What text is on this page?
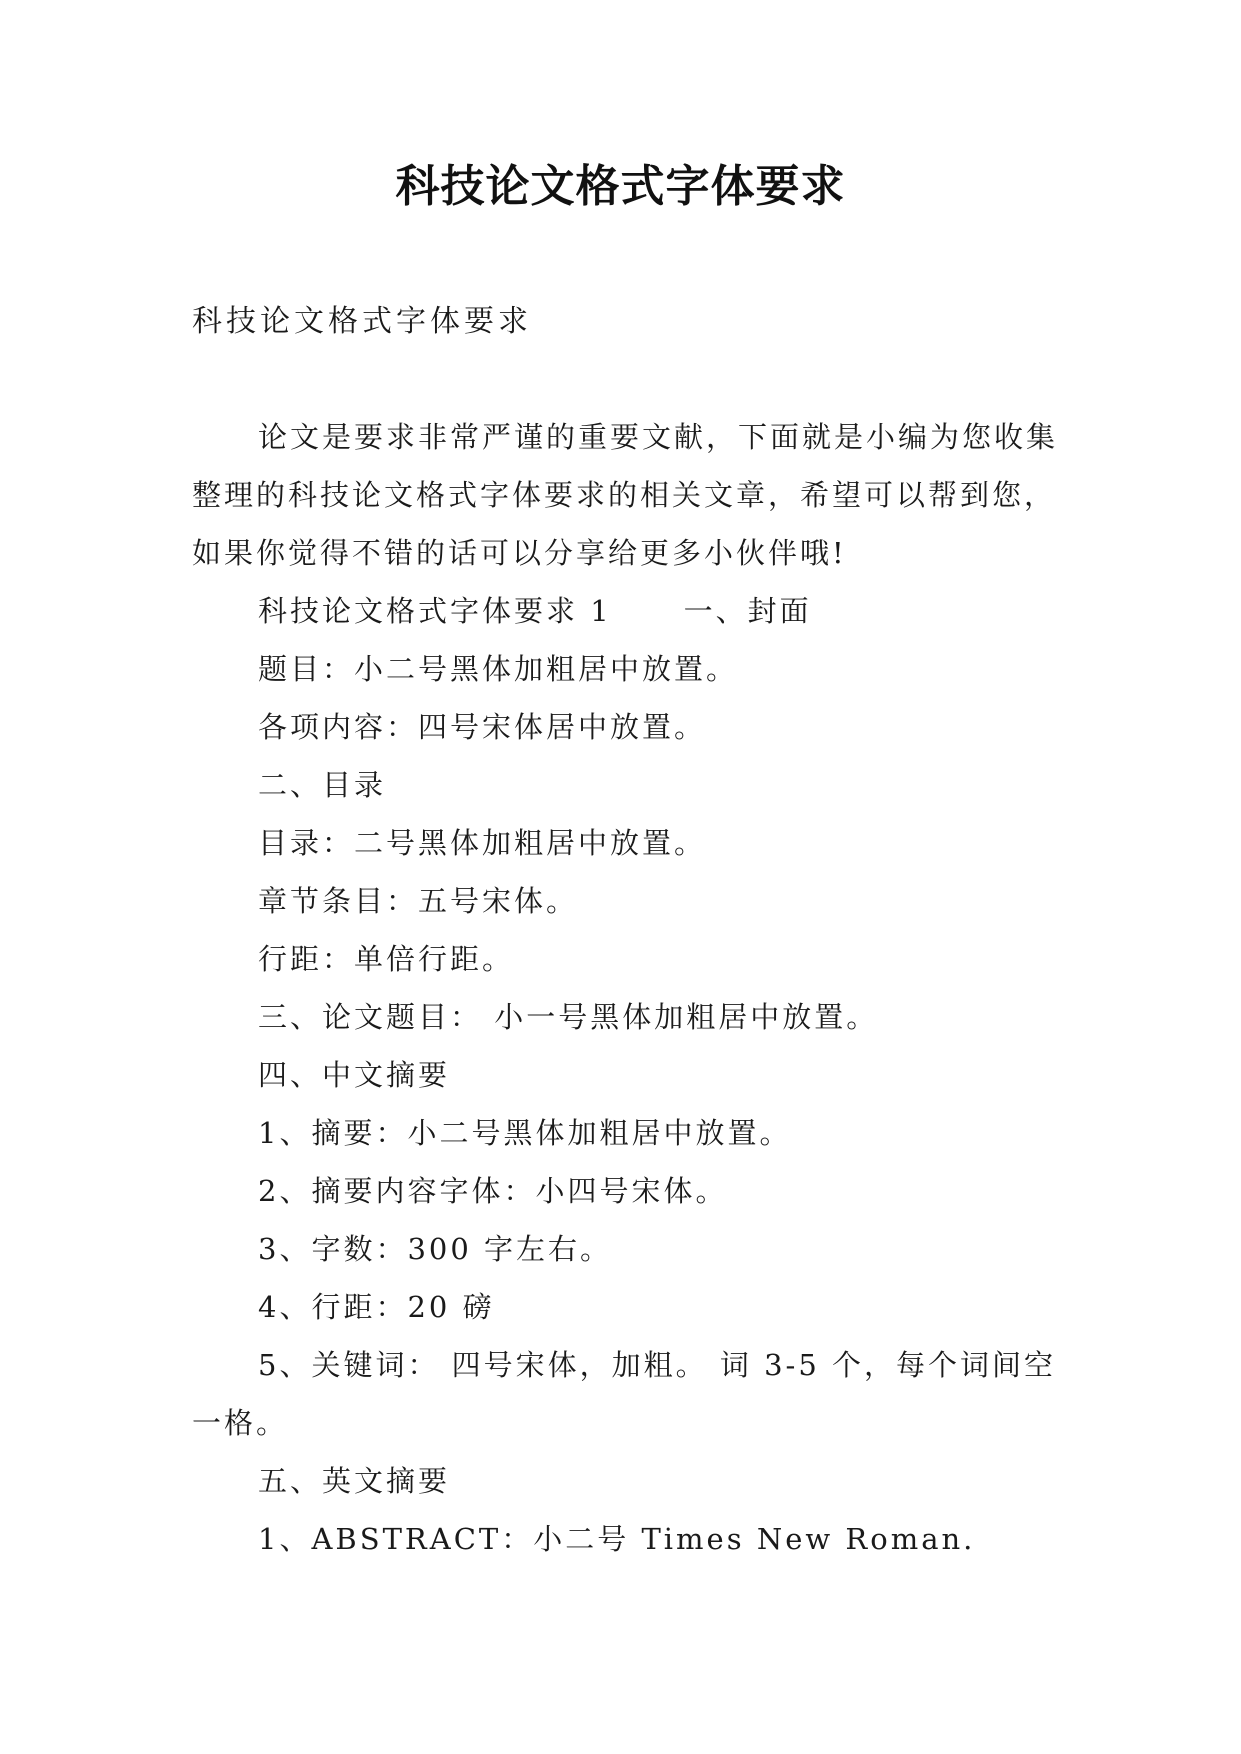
科技论文格式字体要求
科技论文格式字体要求

论文是要求非常严谨的重要文献，下面就是小编为您收集整理的科技论文格式字体要求的相关文章，希望可以帮到您，如果你觉得不错的话可以分享给更多小伙伴哦!

科技论文格式字体要求 1 一、封面

题目：小二号黑体加粗居中放置。

各项内容：四号宋体居中放置。

二、目录

目录：二号黑体加粗居中放置。

章节条目：五号宋体。

行距：单倍行距。

三、论文题目： 小一号黑体加粗居中放置。

四、中文摘要

1、摘要：小二号黑体加粗居中放置。

2、摘要内容字体：小四号宋体。

3、字数：300 字左右。

4、行距：20 磅

5、关键词： 四号宋体，加粗。 词 3-5 个，每个词间空一格。

五、英文摘要

1、ABSTRACT：小二号 Times New Roman.
